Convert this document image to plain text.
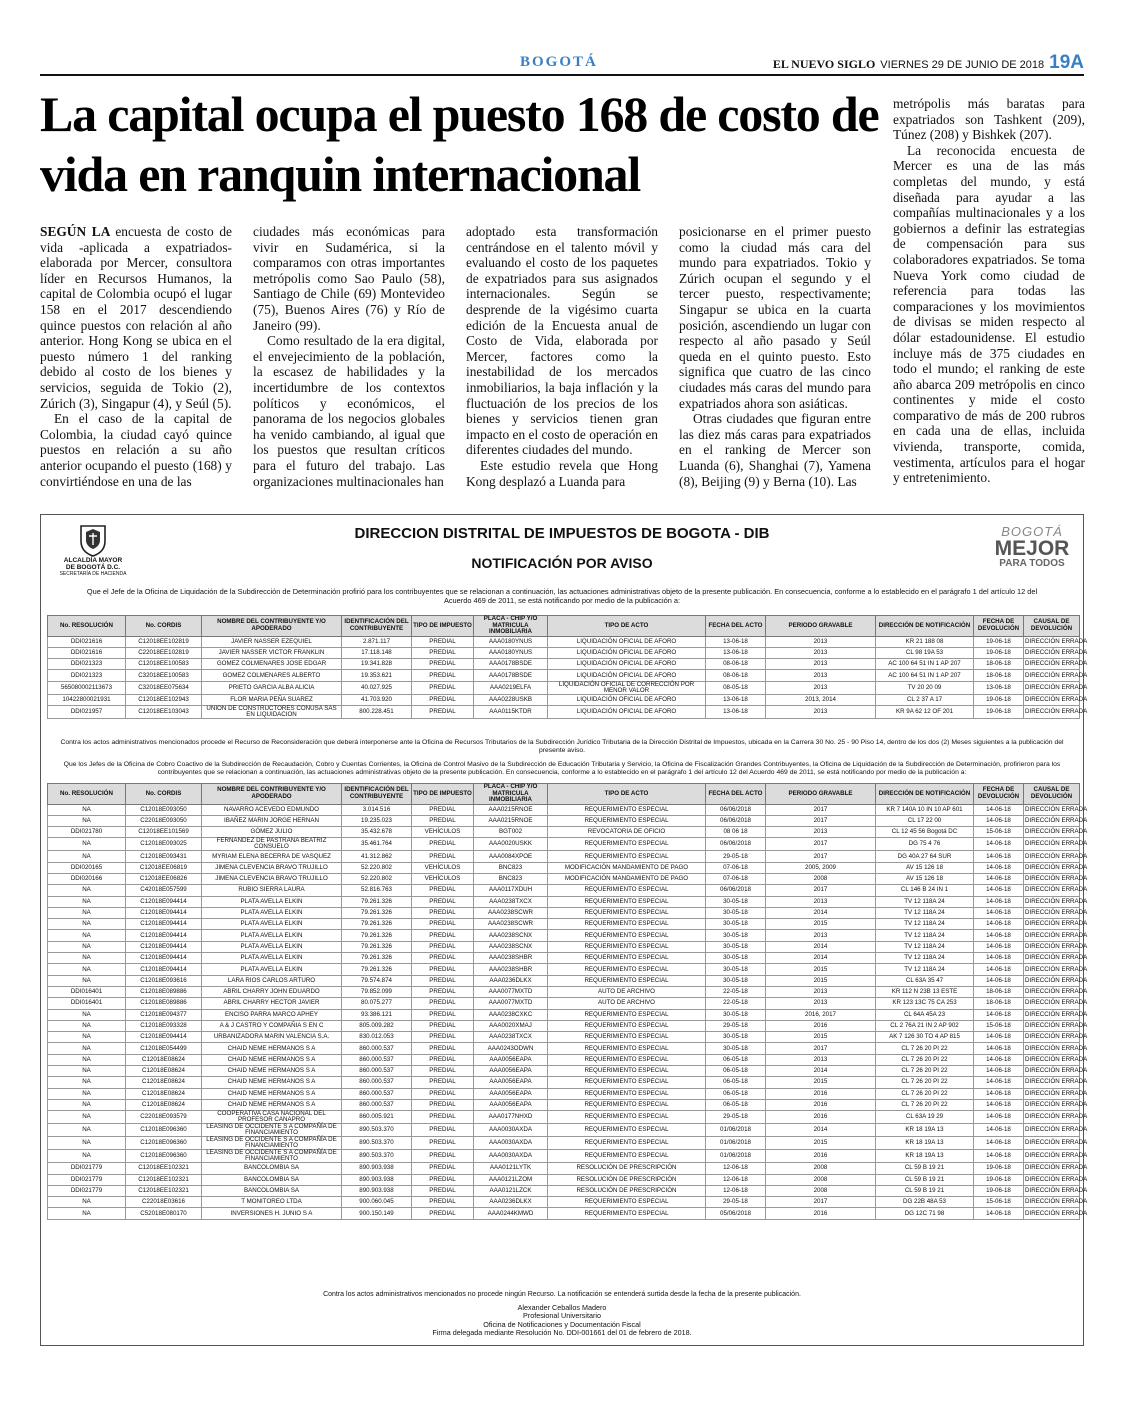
BOGOTÁ	EL NUEVO SIGLO VIERNES 29 DE JUNIO DE 2018 19A
La capital ocupa el puesto 168 de costo de vida en ranquin internacional

SEGÚN LA encuesta de costo de vida -aplicada a expatriados- elaborada por Mercer, consultora líder en Recursos Humanos, la capital de Colombia ocupó el lugar 158 en el 2017 descendiendo quince puestos con relación al año anterior. Hong Kong se ubica en el puesto número 1 del ranking debido al costo de los bienes y servicios, seguida de Tokio (2), Zúrich (3), Singapur (4), y Seúl (5).

En el caso de la capital de Colombia, la ciudad cayó quince puestos en relación a su año anterior ocupando el puesto (168) y convirtiéndose en una de las

ciudades más económicas para vivir en Sudamérica, si la comparamos con otras importantes metrópolis como Sao Paulo (58), Santiago de Chile (69) Montevideo (75), Buenos Aires (76) y Río de Janeiro (99).

Como resultado de la era digital, el envejecimiento de la población, la escasez de habilidades y la incertidumbre de los contextos políticos y económicos, el panorama de los negocios globales ha venido cambiando, al igual que los puestos que resultan críticos para el futuro del trabajo. Las organizaciones multinacionales han

adoptado esta transformación centrándose en el talento móvil y evaluando el costo de los paquetes de expatriados para sus asignados internacionales. Según se desprende de la vigésimo cuarta edición de la Encuesta anual de Costo de Vida, elaborada por Mercer, factores como la inestabilidad de los mercados inmobiliarios, la baja inflación y la fluctuación de los precios de los bienes y servicios tienen gran impacto en el costo de operación en diferentes ciudades del mundo.

Este estudio revela que Hong Kong desplazó a Luanda para

posicionarse en el primer puesto como la ciudad más cara del mundo para expatriados. Tokio y Zúrich ocupan el segundo y el tercer puesto, respectivamente; Singapur se ubica en la cuarta posición, ascendiendo un lugar con respecto al año pasado y Seúl queda en el quinto puesto. Esto significa que cuatro de las cinco ciudades más caras del mundo para expatriados ahora son asiáticas.

Otras ciudades que figuran entre las diez más caras para expatriados en el ranking de Mercer son Luanda (6), Shanghai (7), Yamena (8), Beijing (9) y Berna (10). Las

metrópolis más baratas para expatriados son Tashkent (209), Túnez (208) y Bishkek (207).

La reconocida encuesta de Mercer es una de las más completas del mundo, y está diseñada para ayudar a las compañías multinacionales y a los gobiernos a definir las estrategias de compensación para sus colaboradores expatriados. Se toma Nueva York como ciudad de referencia para todas las comparaciones y los movimientos de divisas se miden respecto al dólar estadounidense. El estudio incluye más de 375 ciudades en todo el mundo; el ranking de este año abarca 209 metrópolis en cinco continentes y mide el costo comparativo de más de 200 rubros en cada una de ellas, incluida vivienda, transporte, comida, vestimenta, artículos para el hogar y entretenimiento.

ALCALDÍA MAYOR
DE BOGOTÁ D.C.
SECRETARÍA DE HACIENDA
DIRECCION DISTRITAL DE IMPUESTOS DE BOGOTA - DIB
NOTIFICACIÓN POR AVISO
BOGOTÁ
MEJOR
PARA TODOS
Que el Jefe de la Oficina de Liquidación de la Subdirección de Determinación profirió para los contribuyentes que se relacionan a continuación, las actuaciones administrativas objeto de la presente publicación. En consecuencia, conforme a lo establecido en el parágrafo 1 del artículo 12 del Acuerdo 469 de 2011, se está notificando por medio de la publicación a:
No. RESOLUCIÓN	No. CORDIS	NOMBRE DEL CONTRIBUYENTE Y/O APODERADO	IDENTIFICACIÓN DEL CONTRIBUYENTE	TIPO DE IMPUESTO	PLACA - CHIP Y/O MATRICULA INMOBILIARIA	TIPO DE ACTO	FECHA DEL ACTO	PERIODO GRAVABLE	DIRECCIÓN DE NOTIFICACIÓN	FECHA DE DEVOLUCIÓN	CAUSAL DE DEVOLUCIÓN
DDI021616	C12018EE102819	JAVIER NASSER EZEQUIEL	2.871.117	PREDIAL	AAA0180YNUS	LIQUIDACIÓN OFICIAL DE AFORO	13-06-18	2013	KR 21 188 08	19-06-18	DIRECCIÓN ERRADA
DDI021616	C22018EE102819	JAVIER NASSER VICTOR FRANKLIN	17.118.148	PREDIAL	AAA0180YNUS	LIQUIDACIÓN OFICIAL DE AFORO	13-06-18	2013	CL 98 19A 53	19-06-18	DIRECCIÓN ERRADA
DDI021323	C12018EE100583	GOMEZ COLMENARES JOSE EDGAR	19.341.828	PREDIAL	AAA0178BSDE	LIQUIDACIÓN OFICIAL DE AFORO	08-06-18	2013	AC 100 64 51 IN 1 AP 207	18-06-18	DIRECCIÓN ERRADA
DDI021323	C32018EE100583	GOMEZ COLMENARES ALBERTO	19.353.621	PREDIAL	AAA0178BSDE	LIQUIDACIÓN OFICIAL DE AFORO	08-06-18	2013	AC 100 64 51 IN 1 AP 207	18-06-18	DIRECCIÓN ERRADA
565080002113673	C32018EE075634	PRIETO GARCIA ALBA ALICIA	40.027.925	PREDIAL	AAA0219ELFA	LIQUIDACIÓN OFICIAL DE CORRECCIÓN POR MENOR VALOR	08-05-18	2013	TV 20 20 09	13-06-18	DIRECCIÓN ERRADA
10422800021931	C12018EE102943	FLOR MARIA PEÑA SUAREZ	41.703.920	PREDIAL	AAA0228USKB	LIQUIDACIÓN OFICIAL DE AFORO	13-06-18	2013, 2014	CL 2 37 A 17	19-06-18	DIRECCIÓN ERRADA
DDI021957	C12018EE103043	UNION DE CONSTRUCTORES CONUSA SAS EN LIQUIDACION	800.228.451	PREDIAL	AAA0115KTDR	LIQUIDACIÓN OFICIAL DE AFORO	13-06-18	2013	KR 9A 62 12 OF 201	19-06-18	DIRECCIÓN ERRADA
Contra los actos administrativos mencionados procede el Recurso de Reconsideración que deberá interponerse ante la Oficina de Recursos Tributarios de la Subdirección Jurídico Tributaria de la Dirección Distrital de Impuestos, ubicada en la Carrera 30 No. 25 - 90 Piso 14, dentro de los dos (2) Meses siguientes a la publicación del presente aviso.
Que los Jefes de la Oficina de Cobro Coactivo de la Subdirección de Recaudación, Cobro y Cuentas Corrientes, la Oficina de Control Masivo de la Subdirección de Educación Tributaria y Servicio, la Oficina de Fiscalización Grandes Contribuyentes, la Oficina de Liquidación de la Subdirección de Determinación, profirieron para los contribuyentes que se relacionan a continuación, las actuaciones administrativas objeto de la presente publicación. En consecuencia, conforme a lo establecido en el parágrafo 1 del artículo 12 del Acuerdo 469 de 2011, se está notificando por medio de la publicación a:
No. RESOLUCIÓN	No. CORDIS	NOMBRE DEL CONTRIBUYENTE Y/O APODERADO	IDENTIFICACIÓN DEL CONTRIBUYENTE	TIPO DE IMPUESTO	PLACA - CHIP Y/O MATRICULA INMOBILIARIA	TIPO DE ACTO	FECHA DEL ACTO	PERIODO GRAVABLE	DIRECCIÓN DE NOTIFICACIÓN	FECHA DE DEVOLUCIÓN	CAUSAL DE DEVOLUCIÓN
NA	C12018E093050	NAVARRO ACEVEDO EDMUNDO	3.014.516	PREDIAL	AAA0215RNOE	REQUERIMIENTO ESPECIAL	06/06/2018	2017	KR 7 140A 10 IN 10 AP 601	14-06-18	DIRECCIÓN ERRADA
NA	C22018E093050	IBAÑEZ MARIN JORGE HERNAN	19.235.023	PREDIAL	AAA0215RNOE	REQUERIMIENTO ESPECIAL	06/06/2018	2017	CL 17 22 00	14-06-18	DIRECCIÓN ERRADA
DDI021780	C12018EE101569	GÓMEZ JULIO	35.432.678	VEHÍCULOS	BGT002	REVOCATORIA DE OFICIO	08 06 18	2013	CL 12 45 56 Bogotá DC	15-06-18	DIRECCIÓN ERRADA
NA	C12018E093025	FERNANDEZ DE PASTRANA BEATRIZ CONSUELO	35.461.764	PREDIAL	AAA0020USKK	REQUERIMIENTO ESPECIAL	06/06/2018	2017	DG 75 4 76	14-06-18	DIRECCIÓN ERRADA
NA	C12018E093431	MYRIAM ELENA BECERRA DE VASQUEZ	41.312.862	PREDIAL	AAA0084XPOE	REQUERIMIENTO ESPECIAL	29-05-18	2017	DG 40A 27 64 SUR	14-06-18	DIRECCIÓN ERRADA
DDI020165	C12018EE06819	JIMENA CLEVENCIA BRAVO TRUJILLO	52.220.802	VEHÍCULOS	BNC823	MODIFICACIÓN MANDAMIENTO DE PAGO	07-06-18	2005, 2009	AV 15 126 18	14-06-18	DIRECCIÓN ERRADA
DDI020166	C12018EE06826	JIMENA CLEVENCIA BRAVO TRUJILLO	52.220.802	VEHÍCULOS	BNC823	MODIFICACIÓN MANDAMIENTO DE PAGO	07-06-18	2008	AV 15 126 18	14-06-18	DIRECCIÓN ERRADA
NA	C42018E057599	RUBIO SIERRA LAURA	52.816.763	PREDIAL	AAA0117XDUH	REQUERIMIENTO ESPECIAL	06/06/2018	2017	CL 146 B 24 IN 1	14-06-18	DIRECCIÓN ERRADA
NA	C12018E094414	PLATA AVELLA ELKIN	79.261.326	PREDIAL	AAA0238TXCX	REQUERIMIENTO ESPECIAL	30-05-18	2013	TV 12 118A 24	14-06-18	DIRECCIÓN ERRADA
NA	C12018E094414	PLATA AVELLA ELKIN	79.261.326	PREDIAL	AAA0238SCWR	REQUERIMIENTO ESPECIAL	30-05-18	2014	TV 12 118A 24	14-06-18	DIRECCIÓN ERRADA
NA	C12018E094414	PLATA AVELLA ELKIN	79.261.326	PREDIAL	AAA0238SCWR	REQUERIMIENTO ESPECIAL	30-05-18	2015	TV 12 118A 24	14-06-18	DIRECCIÓN ERRADA
NA	C12018E094414	PLATA AVELLA ELKIN	79.261.326	PREDIAL	AAA0238SCNX	REQUERIMIENTO ESPECIAL	30-05-18	2013	TV 12 118A 24	14-06-18	DIRECCIÓN ERRADA
NA	C12018E094414	PLATA AVELLA ELKIN	79.261.326	PREDIAL	AAA0238SCNX	REQUERIMIENTO ESPECIAL	30-05-18	2014	TV 12 118A 24	14-06-18	DIRECCIÓN ERRADA
NA	C12018E094414	PLATA AVELLA ELKIN	79.261.326	PREDIAL	AAA0238SHBR	REQUERIMIENTO ESPECIAL	30-05-18	2014	TV 12 118A 24	14-06-18	DIRECCIÓN ERRADA
NA	C12018E094414	PLATA AVELLA ELKIN	79.261.326	PREDIAL	AAA0238SHBR	REQUERIMIENTO ESPECIAL	30-05-18	2015	TV 12 118A 24	14-06-18	DIRECCIÓN ERRADA
NA	C12018E093616	LARA RIOS CARLOS ARTURO	79.574.874	PREDIAL	AAA0236DLKX	REQUERIMIENTO ESPECIAL	30-05-18	2015	CL 63A 35 47	14-06-18	DIRECCIÓN ERRADA
DDI016401	C12018E089886	ABRIL CHARRY JOHN EDUARDO	79.852.099	PREDIAL	AAA0077MXTD	AUTO DE ARCHIVO	22-05-18	2013	KR 112 N 23B 13 ESTE	18-06-18	DIRECCIÓN ERRADA
DDI016401	C12018E089886	ABRIL CHARRY HECTOR JAVIER	80.075.277	PREDIAL	AAA0077MXTD	AUTO DE ARCHIVO	22-05-18	2013	KR 123 13C 75 CA 253	18-06-18	DIRECCIÓN ERRADA
NA	C12018E094377	ENCISO PARRA MARCO APHEY	93.386.121	PREDIAL	AAA0238CXKC	REQUERIMIENTO ESPECIAL	30-05-18	2016, 2017	CL 64A 45A 23	14-06-18	DIRECCIÓN ERRADA
NA	C12018E093328	A & J CASTRO Y COMPAÑIA S EN C	805.009.282	PREDIAL	AAA0020XMAJ	REQUERIMIENTO ESPECIAL	29-05-18	2016	CL 2 76A 21 IN 2 AP 902	15-06-18	DIRECCIÓN ERRADA
NA	C12018E094414	URBANIZADORA MARIN VALENCIA S.A.	830.012.053	PREDIAL	AAA0238TXCX	REQUERIMIENTO ESPECIAL	30-05-18	2015	AK 7 126 30 TO 4 AP 815	14-06-18	DIRECCIÓN ERRADA
NA	C12018E054499	CHAID NEME HERMANOS S A	860.000.537	PREDIAL	AAA0243ODWN	REQUERIMIENTO ESPECIAL	30-05-18	2017	CL 7 26 20 PI 22	14-06-18	DIRECCIÓN ERRADA
NA	C12018E08624	CHAID NEME HERMANOS S A	860.000.537	PREDIAL	AAA0056EAPA	REQUERIMIENTO ESPECIAL	06-05-18	2013	CL 7 26 20 PI 22	14-06-18	DIRECCIÓN ERRADA
NA	C12018E08624	CHAID NEME HERMANOS S A	860.000.537	PREDIAL	AAA0056EAPA	REQUERIMIENTO ESPECIAL	06-05-18	2014	CL 7 26 20 PI 22	14-06-18	DIRECCIÓN ERRADA
NA	C12018E08624	CHAID NEME HERMANOS S A	860.000.537	PREDIAL	AAA0056EAPA	REQUERIMIENTO ESPECIAL	06-05-18	2015	CL 7 26 20 PI 22	14-06-18	DIRECCIÓN ERRADA
NA	C12018E08624	CHAID NEME HERMANOS S A	860.000.537	PREDIAL	AAA0056EAPA	REQUERIMIENTO ESPECIAL	06-05-18	2016	CL 7 26 20 PI 22	14-06-18	DIRECCIÓN ERRADA
NA	C12018E08624	CHAID NEME HERMANOS S A	860.000.537	PREDIAL	AAA0056EAPA	REQUERIMIENTO ESPECIAL	06-05-18	2016	CL 7 26 20 PI 22	14-06-18	DIRECCIÓN ERRADA
NA	C22018E093579	COOPERATIVA CASA NACIONAL DEL PROFESOR CANAPRO	860.005.921	PREDIAL	AAA0177NHXD	REQUERIMIENTO ESPECIAL	29-05-18	2016	CL 63A 19 29	14-06-18	DIRECCIÓN ERRADA
NA	C12018E096360	LEASING DE OCCIDENTE S A COMPAÑÍA DE FINANCIAMIENTO	890.503.370	PREDIAL	AAA0030AXDA	REQUERIMIENTO ESPECIAL	01/06/2018	2014	KR 18 19A 13	14-06-18	DIRECCIÓN ERRADA
NA	C12018E096360	LEASING DE OCCIDENTE S A COMPAÑÍA DE FINANCIAMIENTO	890.503.370	PREDIAL	AAA0030AXDA	REQUERIMIENTO ESPECIAL	01/06/2018	2015	KR 18 19A 13	14-06-18	DIRECCIÓN ERRADA
NA	C12018E096360	LEASING DE OCCIDENTE S A COMPAÑÍA DE FINANCIAMIENTO	890.503.370	PREDIAL	AAA0030AXDA	REQUERIMIENTO ESPECIAL	01/06/2018	2016	KR 18 19A 13	14-06-18	DIRECCIÓN ERRADA
DDI021779	C12018EE102321	BANCOLOMBIA SA	890.903.938	PREDIAL	AAA0121LYTK	RESOLUCIÓN DE PRESCRIPCIÓN	12-06-18	2008	CL 59 B 19 21	19-06-18	DIRECCIÓN ERRADA
DDI021779	C12018EE102321	BANCOLOMBIA SA	890.903.938	PREDIAL	AAA0121LZOM	RESOLUCIÓN DE PRESCRIPCIÓN	12-06-18	2008	CL 59 B 19 21	19-06-18	DIRECCIÓN ERRADA
DDI021779	C12018EE102321	BANCOLOMBIA SA	890.903.938	PREDIAL	AAA0121LZCK	RESOLUCIÓN DE PRESCRIPCIÓN	12-06-18	2008	CL 59 B 19 21	19-06-18	DIRECCIÓN ERRADA
NA	C22018E03616	T MONITOREO LTDA	900.060.045	PREDIAL	AAA0236DLKX	REQUERIMIENTO ESPECIAL	29-05-18	2017	DG 22B 48A 53	15-06-18	DIRECCIÓN ERRADA
NA	C52018E080170	INVERSIONES H. JUNIO S A	900.150.149	PREDIAL	AAA0244KMWD	REQUERIMIENTO ESPECIAL	05/06/2018	2016	DG 12C 71 98	14-06-18	DIRECCIÓN ERRADA
Contra los actos administrativos mencionados no procede ningún Recurso. La notificación se entenderá surtida desde la fecha de la presente publicación.
Alexander Ceballos Madero
Profesional Universitario
Oficina de Notificaciones y Documentación Fiscal
Firma delegada mediante Resolución No. DDI-001661 del 01 de febrero de 2018.
